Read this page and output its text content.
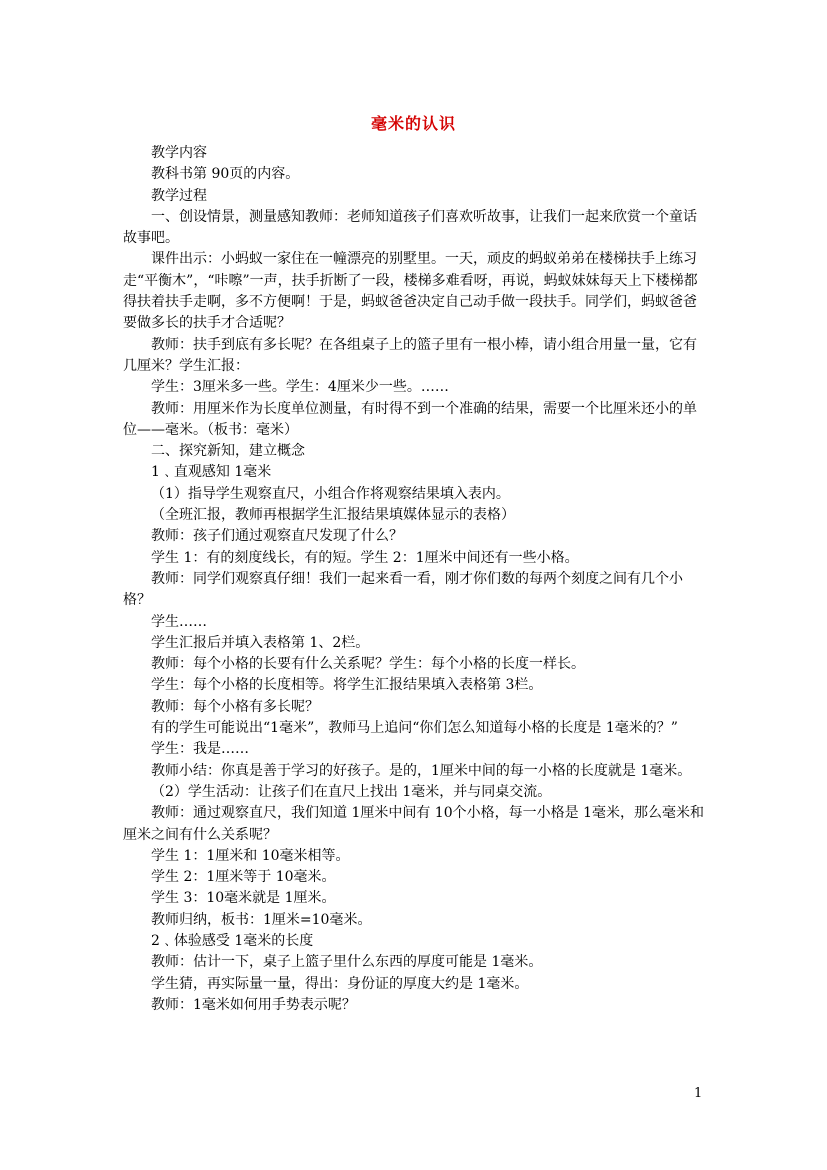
毫米的认识

教学内容

教科书第 90页的内容。

教学过程

一、创设情景，测量感知教师：老师知道孩子们喜欢听故事，让我们一起来欣赏一个童话故事吧。

课件出示：小蚂蚁一家住在一幢漂亮的别墅里。一天，顽皮的蚂蚁弟弟在楼梯扶手上练习走“平衡木”，“咔嚓”一声，扶手折断了一段，楼梯多难看呀，再说，蚂蚁妹妹每天上下楼梯都得扶着扶手走啊，多不方便啊！于是，蚂蚁爸爸决定自己动手做一段扶手。同学们，蚂蚁爸爸要做多长的扶手才合适呢？

教师：扶手到底有多长呢？在各组桌子上的篮子里有一根小棒，请小组合用量一量，它有几厘米？学生汇报：

学生：3厘米多一些。学生：4厘米少一些。……

教师：用厘米作为长度单位测量，有时得不到一个准确的结果，需要一个比厘米还小的单位——毫米。（板书：毫米）

二、探究新知，建立概念

1﹑直观感知 1毫米

（1）指导学生观察直尺，小组合作将观察结果填入表内。

（全班汇报，教师再根据学生汇报结果填媒体显示的表格）

教师：孩子们通过观察直尺发现了什么？

学生 1：有的刻度线长，有的短。学生 2：1厘米中间还有一些小格。

教师：同学们观察真仔细！我们一起来看一看，刚才你们数的每两个刻度之间有几个小格？

学生……

学生汇报后并填入表格第 1、2栏。

教师：每个小格的长要有什么关系呢？学生：每个小格的长度一样长。

学生：每个小格的长度相等。将学生汇报结果填入表格第 3栏。

教师：每个小格有多长呢？

有的学生可能说出“1毫米”，教师马上追问“你们怎么知道每小格的长度是 1毫米的？”

学生：我是……

教师小结：你真是善于学习的好孩子。是的，1厘米中间的每一小格的长度就是 1毫米。

（2）学生活动：让孩子们在直尺上找出 1毫米，并与同桌交流。

教师：通过观察直尺，我们知道 1厘米中间有 10个小格，每一小格是 1毫米，那么毫米和厘米之间有什么关系呢？

学生 1：1厘米和 10毫米相等。

学生 2：1厘米等于 10毫米。

学生 3：10毫米就是 1厘米。

教师归纳，板书：1厘米=10毫米。

2﹑体验感受 1毫米的长度

教师：估计一下，桌子上篮子里什么东西的厚度可能是 1毫米。

学生猜，再实际量一量，得出：身份证的厚度大约是 1毫米。

教师：1毫米如何用手势表示呢？

1
